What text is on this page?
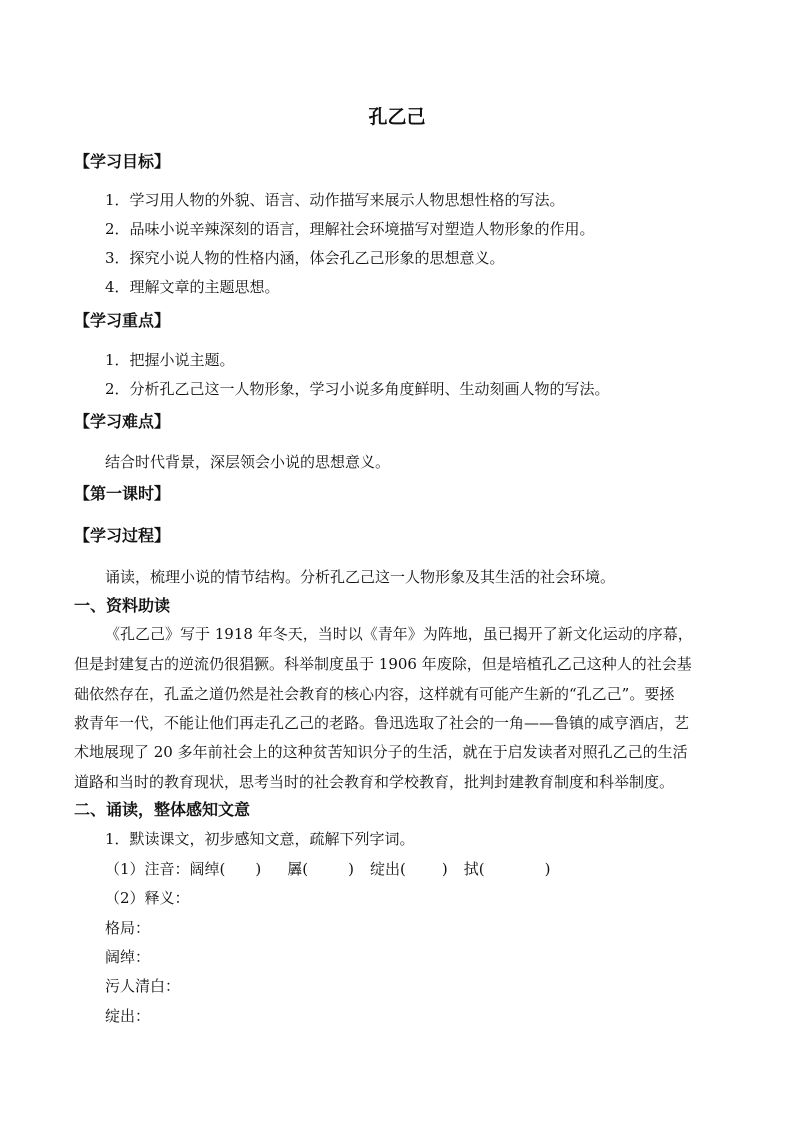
孔乙己
【学习目标】
1．学习用人物的外貌、语言、动作描写来展示人物思想性格的写法。
2．品味小说辛辣深刻的语言，理解社会环境描写对塑造人物形象的作用。
3．探究小说人物的性格内涵，体会孔乙己形象的思想意义。
4．理解文章的主题思想。
【学习重点】
1．把握小说主题。
2．分析孔乙己这一人物形象，学习小说多角度鲜明、生动刻画人物的写法。
【学习难点】
结合时代背景，深层领会小说的思想意义。
【第一课时】
【学习过程】
诵读，梳理小说的情节结构。分析孔乙己这一人物形象及其生活的社会环境。
一、资料助读
《孔乙己》写于 1918 年冬天，当时以《青年》为阵地，虽已揭开了新文化运动的序幕，
但是封建复古的逆流仍很猖獗。科举制度虽于 1906 年废除，但是培植孔乙己这种人的社会基
础依然存在，孔孟之道仍然是社会教育的核心内容，这样就有可能产生新的“孔乙己”。要拯
救青年一代，不能让他们再走孔乙己的老路。鲁迅选取了社会的一角——鲁镇的咸亨酒店，艺
术地展现了 20 多年前社会上的这种贫苦知识分子的生活，就在于启发读者对照孔乙己的生活
道路和当时的教育现状，思考当时的社会教育和学校教育，批判封建教育制度和科举制度。
二、诵读，整体感知文意
1．默读课文，初步感知文意，疏解下列字词。
（1）注音：阔绰( ) 羼(	) 绽出( ) 拭(	)
（2）释义：
格局：
阔绰：
污人清白：
绽出：
